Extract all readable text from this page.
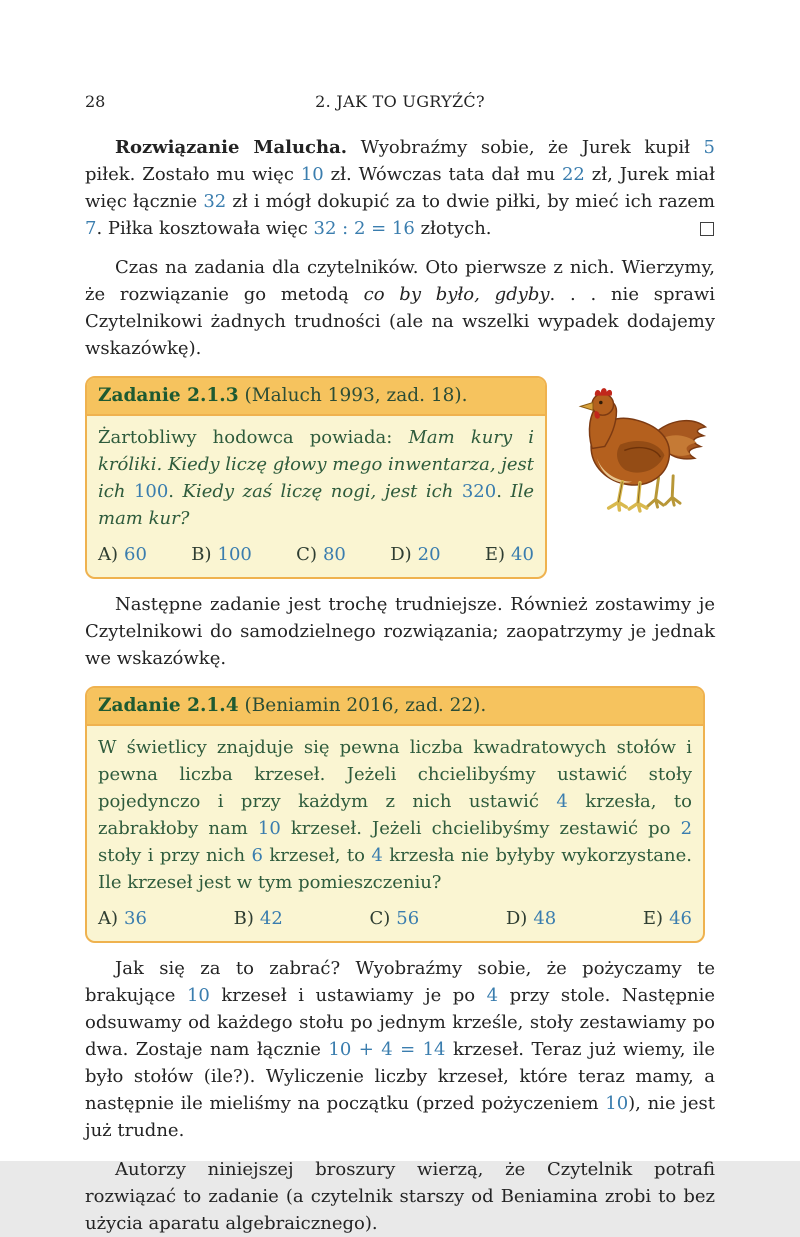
28	2. JAK TO UGRYŹĆ?

Rozwiązanie Malucha. Wyobraźmy sobie, że Jurek kupił 5 piłek. Zostało mu więc 10 zł. Wówczas tata dał mu 22 zł, Jurek miał więc łącznie 32 zł i mógł dokupić za to dwie piłki, by mieć ich razem 7. Piłka kosztowała więc 32 : 2 = 16 złotych.

Czas na zadania dla czytelników. Oto pierwsze z nich. Wierzymy, że rozwiązanie go metodą co by było, gdyby. . . nie sprawi Czytelnikowi żadnych trudności (ale na wszelki wypadek dodajemy wskazówkę).

Zadanie 2.1.3 (Maluch 1993, zad. 18).
Żartobliwy hodowca powiada: Mam kury i króliki. Kiedy liczę głowy mego inwentarza, jest ich 100. Kiedy zaś liczę nogi, jest ich 320. Ile mam kur?
A) 60 B) 100 C) 80 D) 20 E) 40

Następne zadanie jest trochę trudniejsze. Również zostawimy je Czytelnikowi do samodzielnego rozwiązania; zaopatrzymy je jednak we wskazówkę.

Zadanie 2.1.4 (Beniamin 2016, zad. 22).
W świetlicy znajduje się pewna liczba kwadratowych stołów i pewna liczba krzeseł. Jeżeli chcielibyśmy ustawić stoły pojedynczo i przy każdym z nich ustawić 4 krzesła, to zabrakłoby nam 10 krzeseł. Jeżeli chcielibyśmy zestawić po 2 stoły i przy nich 6 krzeseł, to 4 krzesła nie byłyby wykorzystane. Ile krzeseł jest w tym pomieszczeniu?
A) 36	B) 42	C) 56	D) 48	E) 46

Jak się za to zabrać? Wyobraźmy sobie, że pożyczamy te brakujące 10 krzeseł i ustawiamy je po 4 przy stole. Następnie odsuwamy od każdego stołu po jednym krześle, stoły zestawiamy po dwa. Zostaje nam łącznie 10 + 4 = 14 krzeseł. Teraz już wiemy, ile było stołów (ile?). Wyliczenie liczby krzeseł, które teraz mamy, a następnie ile mieliśmy na początku (przed pożyczeniem 10), nie jest już trudne.

Autorzy niniejszej broszury wierzą, że Czytelnik potrafi rozwiązać to zadanie (a czytelnik starszy od Beniamina zrobi to bez użycia aparatu algebraicznego).
